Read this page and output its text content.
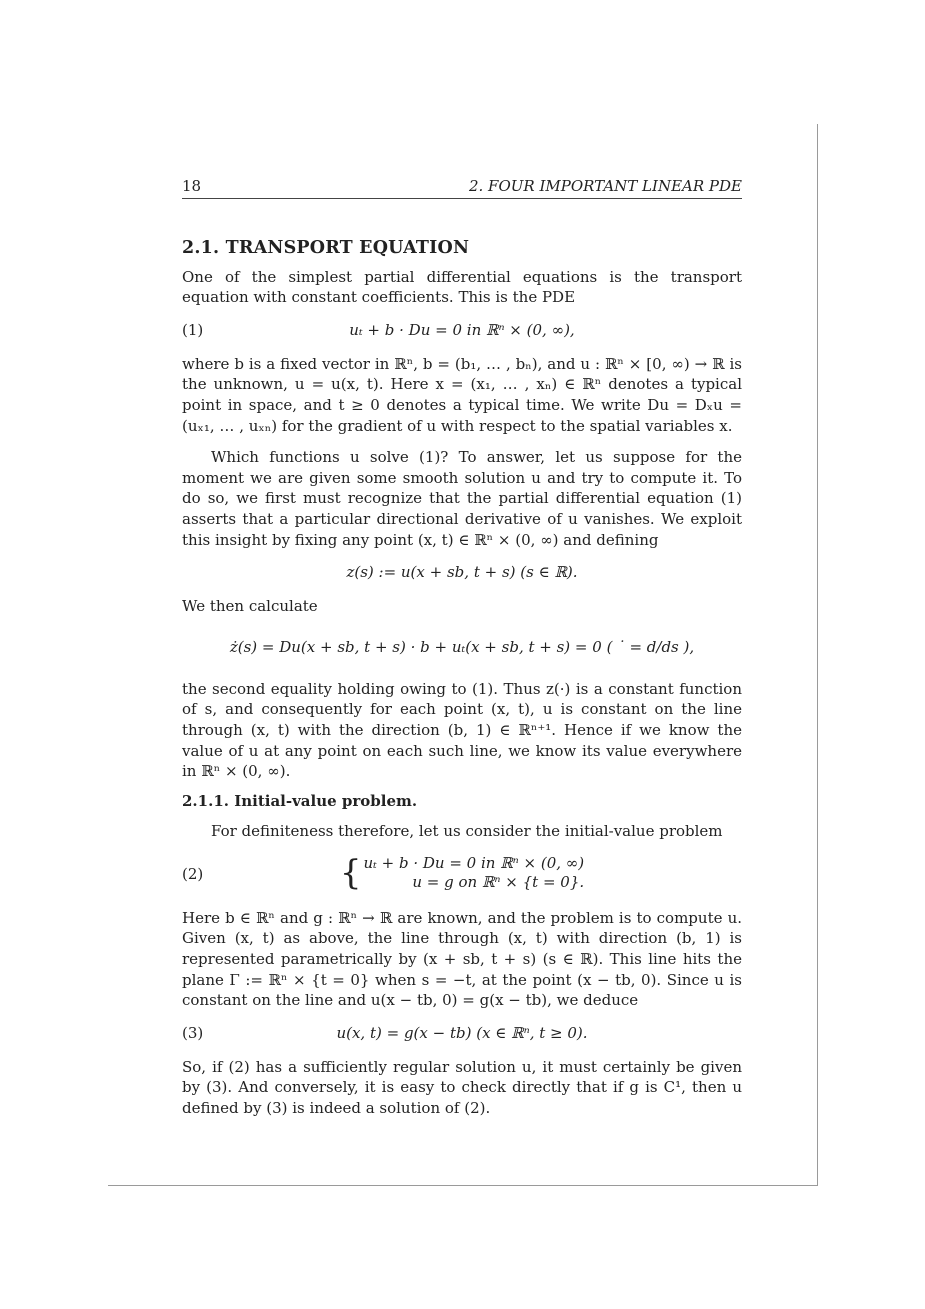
18	2. FOUR IMPORTANT LINEAR PDE
2.1. TRANSPORT EQUATION

One of the simplest partial differential equations is the transport equation with constant coefficients. This is the PDE

(1)	uₜ + b · Du = 0 in ℝⁿ × (0, ∞),

where b is a fixed vector in ℝⁿ, b = (b₁, … , bₙ), and u : ℝⁿ × [0, ∞) → ℝ is the unknown, u = u(x, t). Here x = (x₁, … , xₙ) ∈ ℝⁿ denotes a typical point in space, and t ≥ 0 denotes a typical time. We write Du = Dₓu = (uₓ₁, … , uₓₙ) for the gradient of u with respect to the spatial variables x.

Which functions u solve (1)? To answer, let us suppose for the moment we are given some smooth solution u and try to compute it. To do so, we first must recognize that the partial differential equation (1) asserts that a particular directional derivative of u vanishes. We exploit this insight by fixing any point (x, t) ∈ ℝⁿ × (0, ∞) and defining

z(s) := u(x + sb, t + s) (s ∈ ℝ).

We then calculate

ż(s) = Du(x + sb, t + s) · b + uₜ(x + sb, t + s) = 0 ( ˙ = d/ds ),

the second equality holding owing to (1). Thus z(·) is a constant function of s, and consequently for each point (x, t), u is constant on the line through (x, t) with the direction (b, 1) ∈ ℝⁿ⁺¹. Hence if we know the value of u at any point on each such line, we know its value everywhere in ℝⁿ × (0, ∞).

2.1.1. Initial-value problem.

For definiteness therefore, let us consider the initial-value problem

(2)	{ uₜ + b · Du = 0 in ℝⁿ × (0, ∞)
u = g on ℝⁿ × {t = 0}.

Here b ∈ ℝⁿ and g : ℝⁿ → ℝ are known, and the problem is to compute u. Given (x, t) as above, the line through (x, t) with direction (b, 1) is represented parametrically by (x + sb, t + s) (s ∈ ℝ). This line hits the plane Γ := ℝⁿ × {t = 0} when s = −t, at the point (x − tb, 0). Since u is constant on the line and u(x − tb, 0) = g(x − tb), we deduce

(3)	u(x, t) = g(x − tb) (x ∈ ℝⁿ, t ≥ 0).

So, if (2) has a sufficiently regular solution u, it must certainly be given by (3). And conversely, it is easy to check directly that if g is C¹, then u defined by (3) is indeed a solution of (2).
